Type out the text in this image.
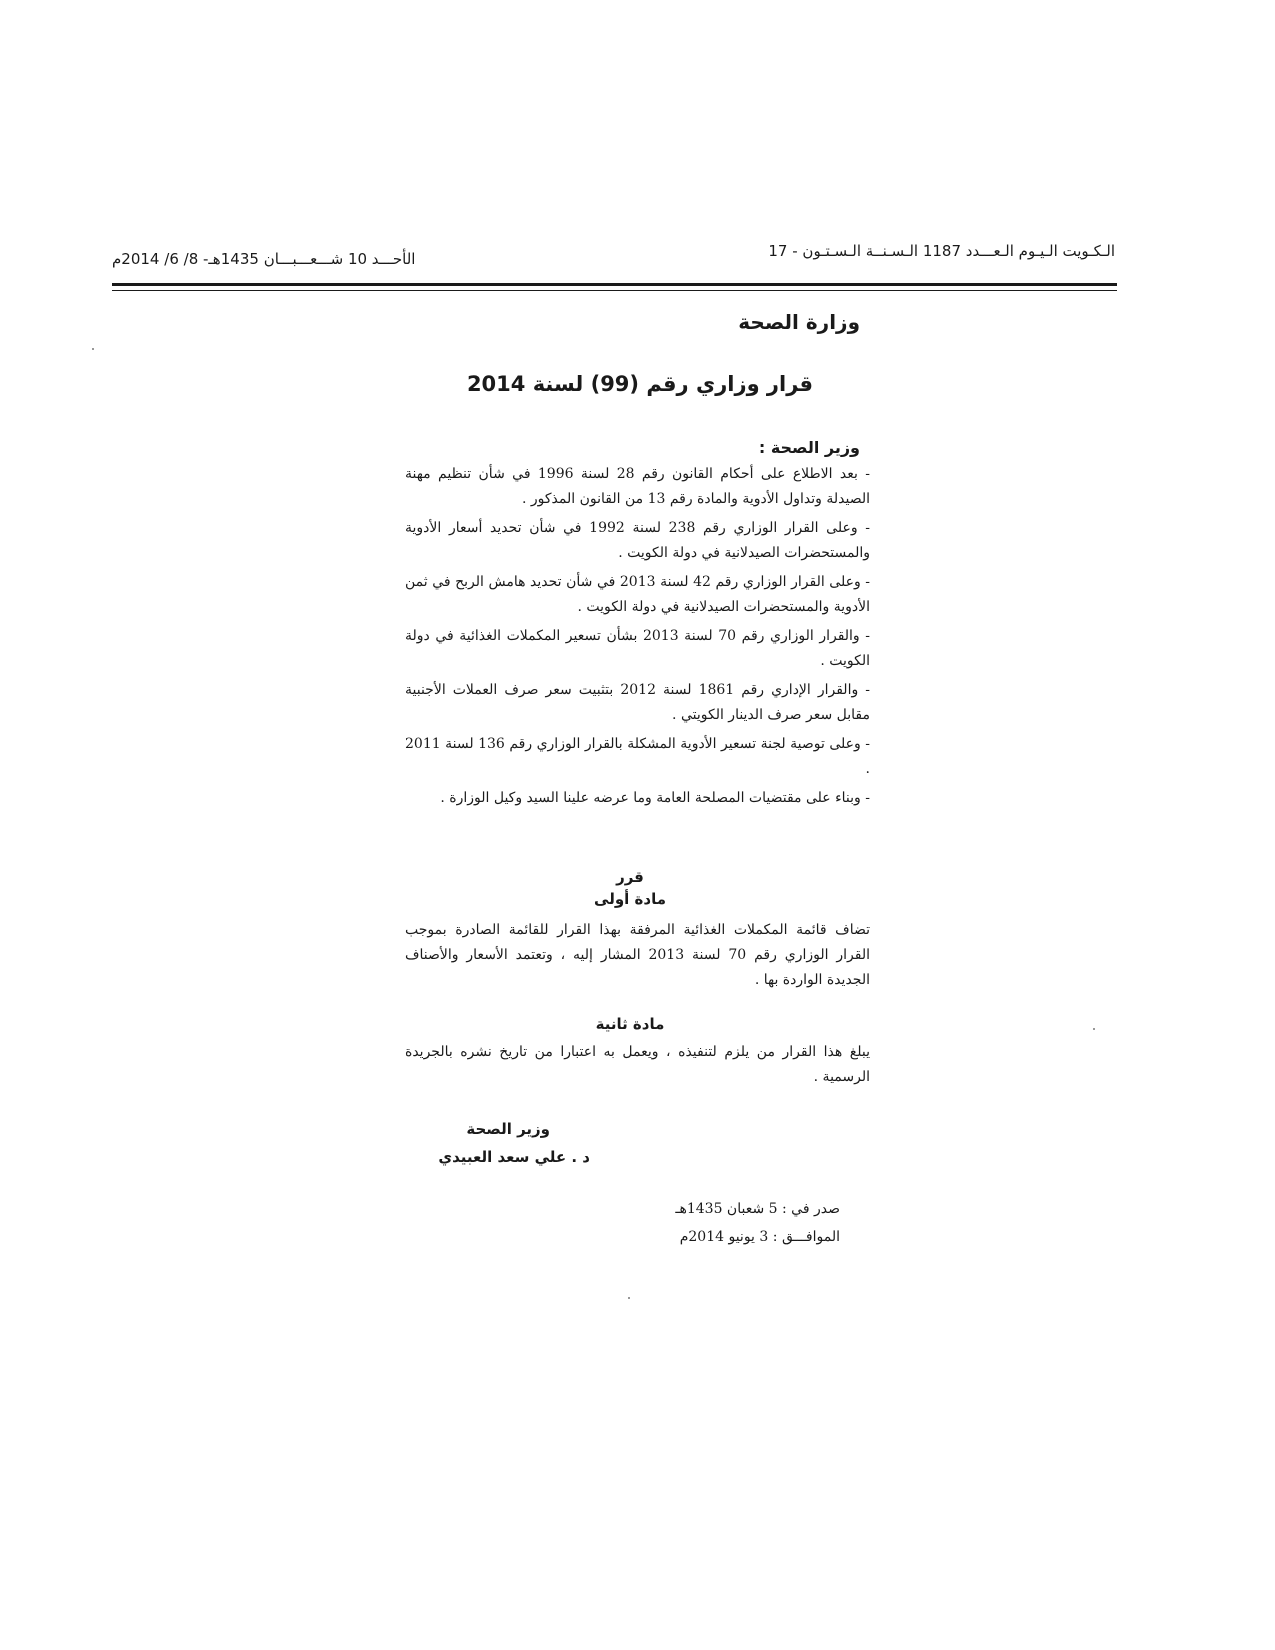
الأحـــد 10 شـــعـــبـــان 1435هـ- 8/ 6/ 2014م	الـكـويت الـيـوم الـعـــدد 1187 الـسـنــة الـسـتـون - 17
وزارة الصحة
قرار وزاري رقم (99) لسنة 2014
وزير الصحة :

- بعد الاطلاع على أحكام القانون رقم 28 لسنة 1996 في شأن تنظيم مهنة الصيدلة وتداول الأدوية والمادة رقم 13 من القانون المذكور .

- وعلى القرار الوزاري رقم 238 لسنة 1992 في شأن تحديد أسعار الأدوية والمستحضرات الصيدلانية في دولة الكويت .

- وعلى القرار الوزاري رقم 42 لسنة 2013 في شأن تحديد هامش الربح في ثمن الأدوية والمستحضرات الصيدلانية في دولة الكويت .

- والقرار الوزاري رقم 70 لسنة 2013 بشأن تسعير المكملات الغذائية في دولة الكويت .

- والقرار الإداري رقم 1861 لسنة 2012 بتثبيت سعر صرف العملات الأجنبية مقابل سعر صرف الدينار الكويتي .

- وعلى توصية لجنة تسعير الأدوية المشكلة بالقرار الوزاري رقم 136 لسنة 2011 .

- وبناء على مقتضيات المصلحة العامة وما عرضه علينا السيد وكيل الوزارة .

قرر
مادة أولى
تضاف قائمة المكملات الغذائية المرفقة بهذا القرار للقائمة الصادرة بموجب القرار الوزاري رقم 70 لسنة 2013 المشار إليه ، وتعتمد الأسعار والأصناف الجديدة الواردة بها .
مادة ثانية
يبلغ هذا القرار من يلزم لتنفيذه ، ويعمل به اعتبارا من تاريخ نشره بالجريدة الرسمية .
وزير الصحة
د . علي سعد العبيدي
صدر في : 5 شعبان 1435هـ
الموافـــق : 3 يونيو 2014م
